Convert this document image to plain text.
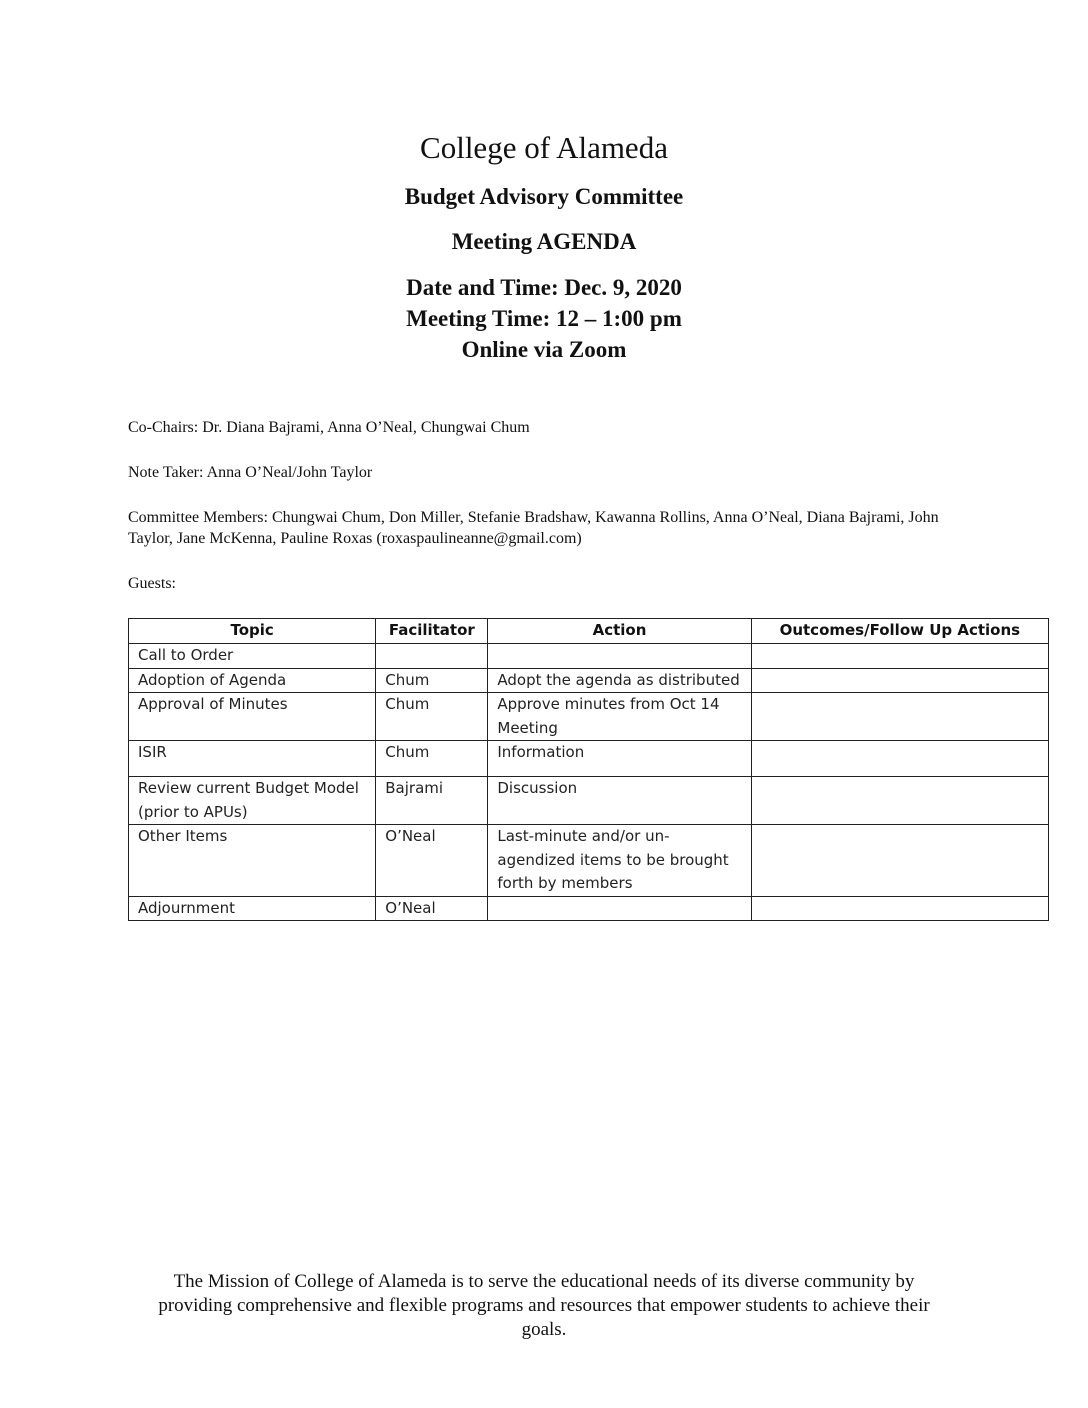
College of Alameda
Budget Advisory Committee
Meeting AGENDA
Date and Time: Dec. 9, 2020
Meeting Time: 12 – 1:00 pm
Online via Zoom
Co-Chairs: Dr. Diana Bajrami, Anna O’Neal, Chungwai Chum
Note Taker: Anna O’Neal/John Taylor
Committee Members: Chungwai Chum, Don Miller, Stefanie Bradshaw, Kawanna Rollins, Anna O’Neal, Diana Bajrami, John Taylor, Jane McKenna, Pauline Roxas (roxaspaulineanne@gmail.com)
Guests:
Topic	Facilitator	Action	Outcomes/Follow Up Actions
Call to Order			
Adoption of Agenda	Chum	Adopt the agenda as distributed	
Approval of Minutes	Chum	Approve minutes from Oct 14 Meeting	
ISIR	Chum	Information	
Review current Budget Model (prior to APUs)	Bajrami	Discussion	
Other Items	O’Neal	Last-minute and/or un-agendized items to be brought forth by members	
Adjournment	O’Neal		
The Mission of College of Alameda is to serve the educational needs of its diverse community by providing comprehensive and flexible programs and resources that empower students to achieve their goals.
